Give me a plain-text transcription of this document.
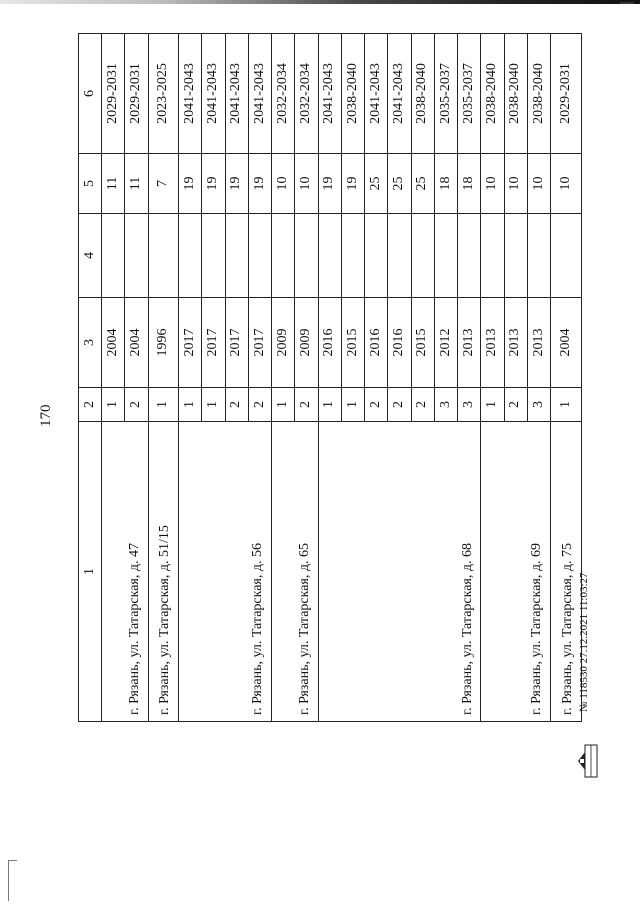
170
1	2	3	4	5	6
г. Рязань, ул. Татарская, д. 47	1	2004		11	2029-2031
	2	2004		11	2029-2031
г. Рязань, ул. Татарская, д. 51/15	1	1996		7	2023-2025
г. Рязань, ул. Татарская, д. 56	1	2017		19	2041-2043
	1	2017		19	2041-2043
	2	2017		19	2041-2043
	2	2017		19	2041-2043
г. Рязань, ул. Татарская, д. 65	1	2009		10	2032-2034
	2	2009		10	2032-2034
г. Рязань, ул. Татарская, д. 68	1	2016		19	2041-2043
	1	2015		19	2038-2040
	2	2016		25	2041-2043
	2	2016		25	2041-2043
	2	2015		25	2038-2040
	3	2012		18	2035-2037
	3	2013		18	2035-2037
г. Рязань, ул. Татарская, д. 69	1	2013		10	2038-2040
	2	2013		10	2038-2040
	3	2013		10	2038-2040
г. Рязань, ул. Татарская, д. 75	1	2004		10	2029-2031
№ 118530 27.12.2021 11:03:27
